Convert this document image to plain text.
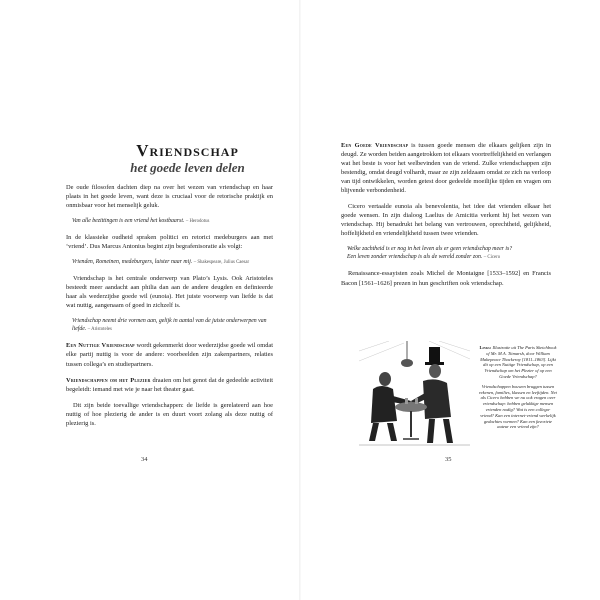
Vriendschap
het goede leven delen

De oude filosofen dachten diep na over het wezen van vriendschap en haar plaats in het goede leven, want deze is cruciaal voor de retorische praktijk en onmisbaar voor het menselijk geluk.

Van alle bezittingen is een vriend het kostbaarst. – Herodotus

In de klassieke oudheid spraken politici en retorici medeburgers aan met ‘vriend’. Dus Marcus Antonius begint zijn begrafenisoratie als volgt:

Vrienden, Romeinen, medeburgers, luister naar mij. – Shakespeare, Julius Caesar

Vriendschap is het centrale onderwerp van Plato’s Lysis. Ook Aristoteles besteedt meer aandacht aan philia dan aan de andere deugden en definieerde haar als wederzijdse goede wil (eunoia). Het juiste voorwerp van liefde is dat wat nuttig, aangenaam of goed in zichzelf is.

Vriendschap neemt drie vormen aan, gelijk in aantal van de juiste onderwerpen van liefde. – Aristoteles

Een Nuttige Vriendschap wordt gekenmerkt door wederzijdse goede wil omdat elke partij nuttig is voor de andere: voorbeelden zijn zakenpartners, relaties tussen collega’s en studiepartners.

Vriendschappen om het Plezier draaien om het genot dat de gedeelde activiteit begeleidt: iemand met wie je naar het theater gaat.

Dit zijn beide toevallige vriendschappen: de liefde is gerelateerd aan hoe nuttig of hoe plezierig de ander is en duurt voort zolang als deze nuttig of plezierig is.

34

Een Goede Vriendschap is tussen goede mensen die elkaars gelijken zijn in deugd. Ze worden beiden aangetrokken tot elkaars voortreffelijkheid en verlangen wat het beste is voor het welbevinden van de vriend. Zulke vriendschappen zijn bestendig, omdat deugd volhardt, maar ze zijn zeldzaam omdat ze zich na verloop van tijd ontwikkelen, worden getest door gedeelde moeilijke tijden en vragen om blijvende verbondenheid.

Cicero vertaalde eunoia als benevolentia, het idee dat vrienden elkaar het goede wensen. In zijn dialoog Laelius de Amicitia verkent hij het wezen van vriendschap. Hij benadrukt het belang van vertrouwen, oprechtheid, gelijkheid, hoffelijkheid en vriendelijkheid tussen twee vrienden.

Welke zachtheid is er nog in het leven als er geen vriendschap meer is?
Een leven zonder vriendschap is als de wereld zonder zon. – Cicero

Renaissance-essayisten zoals Michel de Montaigne [1533–1592] en Francis Bacon [1561–1626] prezen in hun geschriften ook vriendschap.

Links: Illustratie uit The Paris Sketchbook of Mr. M.A. Titmarsh, door William Makepeace Thackeray [1811–1863]. Lijkt dit op een Nuttige Vriendschap, op een Vriendschap om het Plezier of op een Goede Vriendschap?

Vriendschappen bouwen bruggen tussen rekenen, families, klassen en leeftijden. Net als Cicero hebben we nu ook vragen over vriendschap: hebben gelukkige mensen vrienden nodig? Wat is een collega-vriend? Kan een internet-vriend werkelijk gedachtes vormen? Kan een favoriete auteur een vriend zijn?

35
